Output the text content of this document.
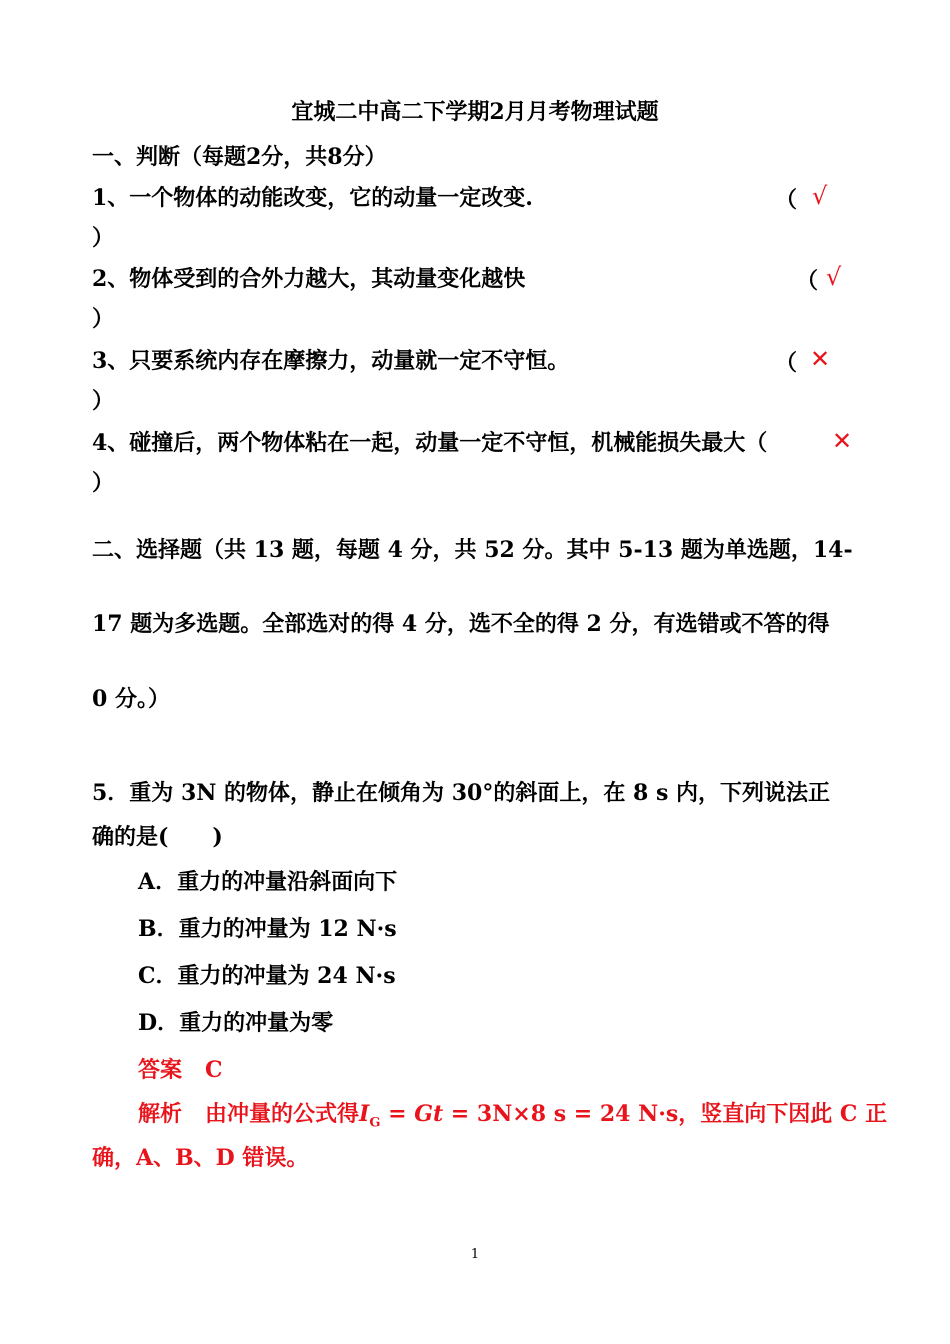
宜城二中高二下学期2月月考物理试题
一、判断（每题2分，共8分）
1、一个物体的动能改变，它的动量一定改变.	（ √
）
2、物体受到的合外力越大，其动量变化越快	（ √
）
3、只要系统内存在摩擦力，动量就一定不守恒。	（ ✕
）
4、碰撞后，两个物体粘在一起，动量一定不守恒，机械能损失最大（	✕
）
二、选择题（共 13 题，每题 4 分，共 52 分。其中 5-13 题为单选题，14-
17 题为多选题。全部选对的得 4 分，选不全的得 2 分，有选错或不答的得
0 分。）
5．重为 3N 的物体，静止在倾角为 30°的斜面上，在 8 s 内，下列说法正
确的是(　　)
A．重力的冲量沿斜面向下
B．重力的冲量为 12 N·s
C．重力的冲量为 24 N·s
D．重力的冲量为零
答案 C
解析 由冲量的公式得$I_G = Gt = 3N\times 8$ s = 24 N·s，竖直向下因此 C 正
确，A、B、D 错误。
1
